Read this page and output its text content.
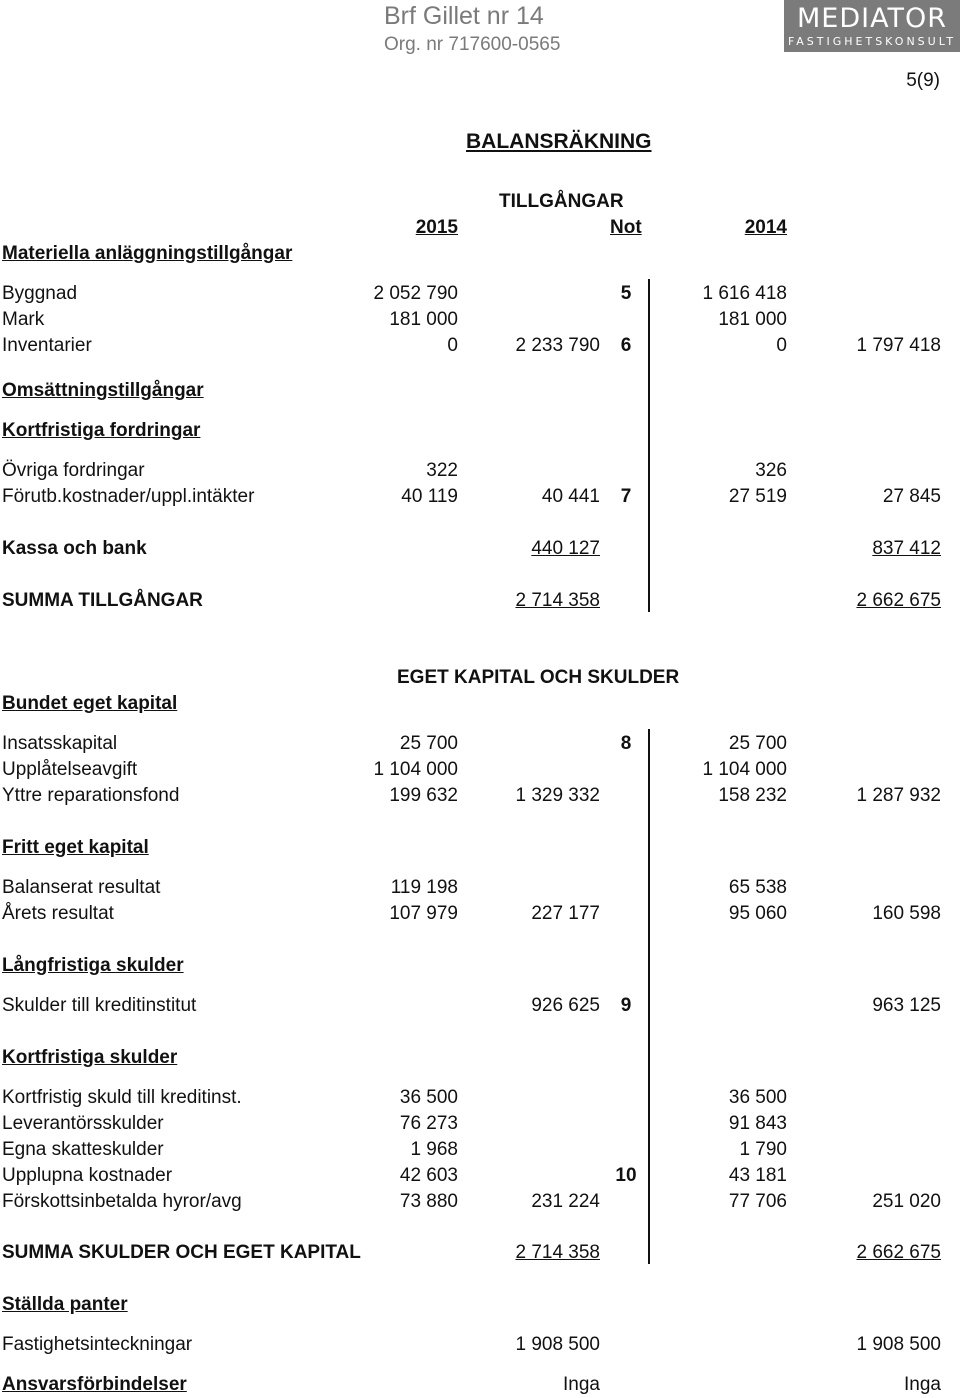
Brf Gillet nr 14
Org. nr 717600-0565
MEDIATOR
FASTIGHETSKONSULT
5(9)
BALANSRÄKNING
TILLGÅNGAR
2015	Not	2014
Materiella anläggningstillgångar
Byggnad	2 052 790	5	1 616 418
Mark	181 000	181 000
Inventarier	0	2 233 790	6	0	1 797 418
Omsättningstillgångar
Kortfristiga fordringar
Övriga fordringar	322	326
Förutb.kostnader/uppl.intäkter	40 119	40 441	7	27 519	27 845
Kassa och bank	440 127	837 412
SUMMA TILLGÅNGAR	2 714 358	2 662 675
EGET KAPITAL OCH SKULDER
Bundet eget kapital
Insatsskapital	25 700	8	25 700
Upplåtelseavgift	1 104 000	1 104 000
Yttre reparationsfond	199 632	1 329 332	158 232	1 287 932
Fritt eget kapital
Balanserat resultat	119 198	65 538
Årets resultat	107 979	227 177	95 060	160 598
Långfristiga skulder
Skulder till kreditinstitut	926 625	9	963 125
Kortfristiga skulder
Kortfristig skuld till kreditinst.	36 500	36 500
Leverantörsskulder	76 273	91 843
Egna skatteskulder	1 968	1 790
Upplupna kostnader	42 603	10	43 181
Förskottsinbetalda hyror/avg	73 880	231 224	77 706	251 020
SUMMA SKULDER OCH EGET KAPITAL	2 714 358	2 662 675
Ställda panter
Fastighetsinteckningar	1 908 500	1 908 500
Ansvarsförbindelser	Inga	Inga
